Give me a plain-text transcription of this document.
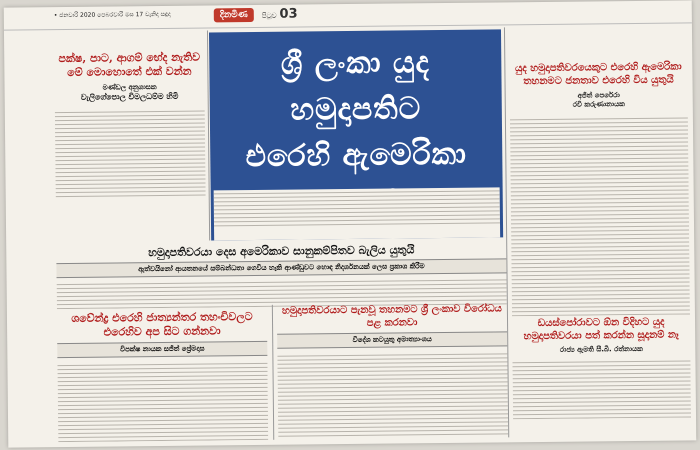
• ජනවාරි 2020 පෙබරවාරි මස 17 වැනිදා සඳුදා	දිනමිණ	පිටුව 03
ශ්‍රී ලංකා යුද හමුදාපතිට
එරෙහි ඇමෙරිකා
පක්ෂ, පාට, ආගම් භේද නැතිව මේ මොහොතේ එක් වන්න
මණ්ඩල අනුශාසක
වැලිගේපොල විමලධම්ම හිමි
යුද හමුදාපතිවරයෙකුට එරෙහි ඇමෙරිකා තහනමට ජනතාව එරෙහි විය යුතුයි
අජිත් පෙරේරා
රවි කරුණානායක
හමුදාපතිවරයා දෙස අමෙරිකාව සානුකම්පිතව බැලිය යුතුයි
ඇත්වයිනෝ ආයතනයේ සම්බන්ධතා ගෙවිය හැකි ආණ්ඩුවට හොඳ නිදර්ශනයක් ලෙස ප්‍රකාශ කිරීම
ශවේන්ද්‍ර එරෙහි ජාත්‍යන්තර තහංචිවලට එරෙහිව අප සිට ගන්නවා
විපක්ෂ නායක සජිත් ප්‍රේමදාස
හමුදාපතිවරයාට පැනවූ තහනමට ශ්‍රී ලංකාව විරෝධය පළ කරනවා
විදේශ කටයුතු අමාත්‍යාංශය
ඩයස්පෝරාවට ඕන විදිහට යුද හමුදාපතිවරයා පත් කරන්න සූදානම් නෑ
රාජ්‍ය ඇමති සී.බී. රත්නායක
